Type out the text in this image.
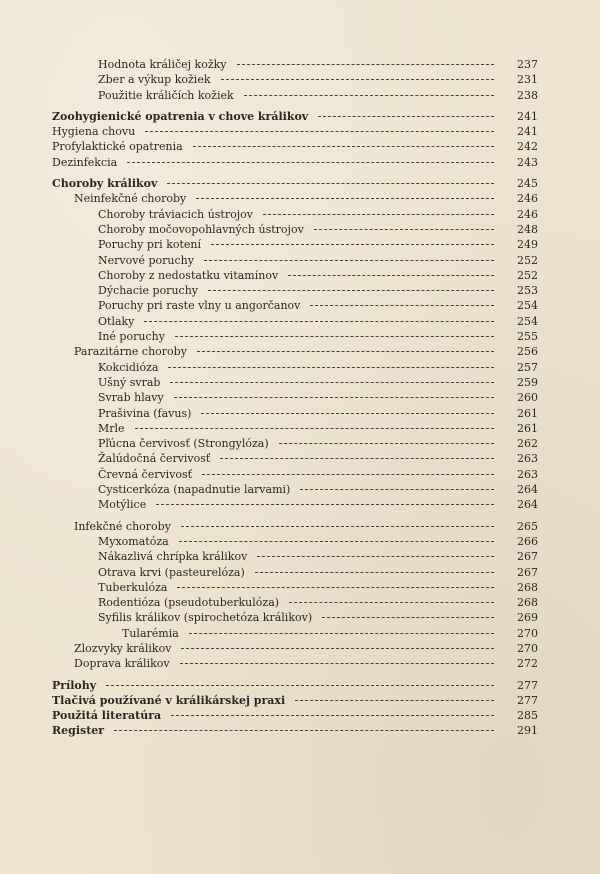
Hodnota králičej kožky	237
Zber a výkup kožiek	231
Použitie králičích kožiek	238
Zoohygienické opatrenia v chove králikov	241
Hygiena chovu	241
Profylaktické opatrenia	242
Dezinfekcia	243
Choroby králikov	245
Neinfekčné choroby	246
Choroby tráviacich ústrojov	246
Choroby močovopohlavných ústrojov	248
Poruchy pri kotení	249
Nervové poruchy	252
Choroby z nedostatku vitamínov	252
Dýchacie poruchy	253
Poruchy pri raste vlny u angorčanov	254
Otlaky	254
Iné poruchy	255
Parazitárne choroby	256
Kokcidióza	257
Ušný svrab	259
Svrab hlavy	260
Prašivina (favus)	261
Mrle	261
Pľúcna červivosť (Strongylóza)	262
Žalúdočná červivosť	263
Črevná červivosť	263
Cysticerkóza (napadnutie larvami)	264
Motýlice	264
Infekčné choroby	265
Myxomatóza	266
Nákazlivá chrípka králikov	267
Otrava krvi (pasteurelóza)	267
Tuberkulóza	268
Rodentióza (pseudotuberkulóza)	268
Syfilis králikov (spirochetóza králikov)	269
Tularémia	270
Zlozvyky králikov	270
Doprava králikov	272
Prílohy	277
Tlačivá používané v králikárskej praxi	277
Použitá literatúra	285
Register	291
